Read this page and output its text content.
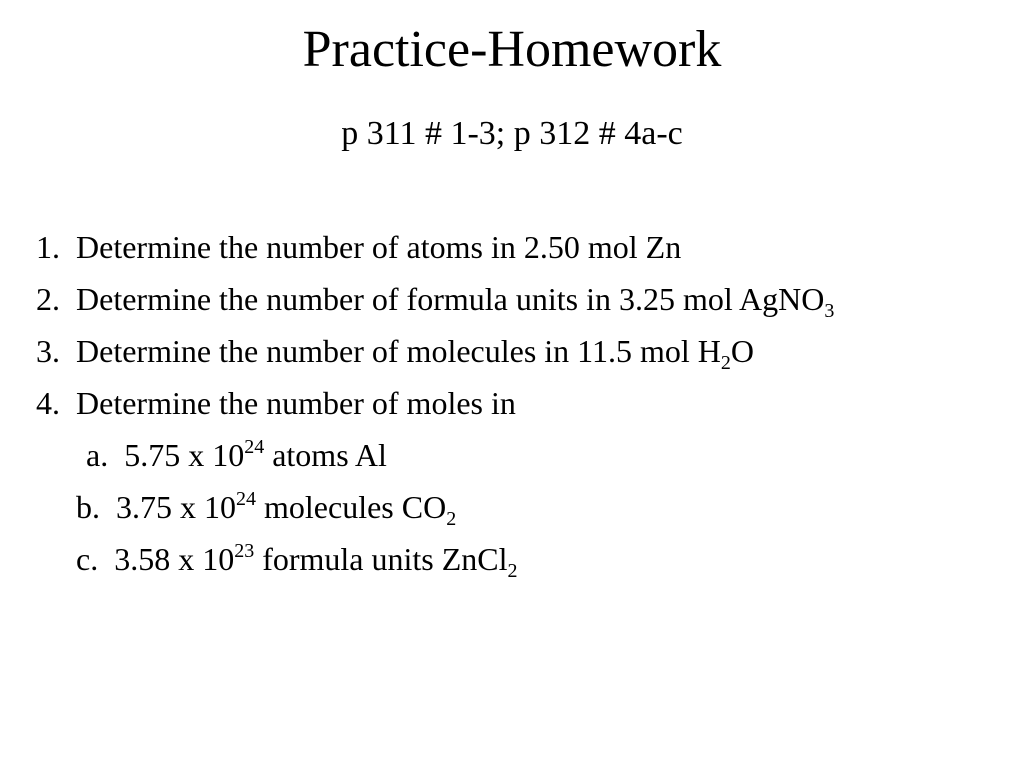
Practice-Homework
p 311 # 1-3; p 312 # 4a-c
1. Determine the number of atoms in 2.50 mol Zn
2. Determine the number of formula units in 3.25 mol AgNO$_3$
3. Determine the number of molecules in 11.5 mol $H_2O$
4. Determine the number of moles in
a. 5.75 x $10^{24}$ atoms Al
b. 3.75 x $10^{24}$ molecules $CO_2$
c. 3.58 x $10^{23}$ formula units ZnCl$_2$
